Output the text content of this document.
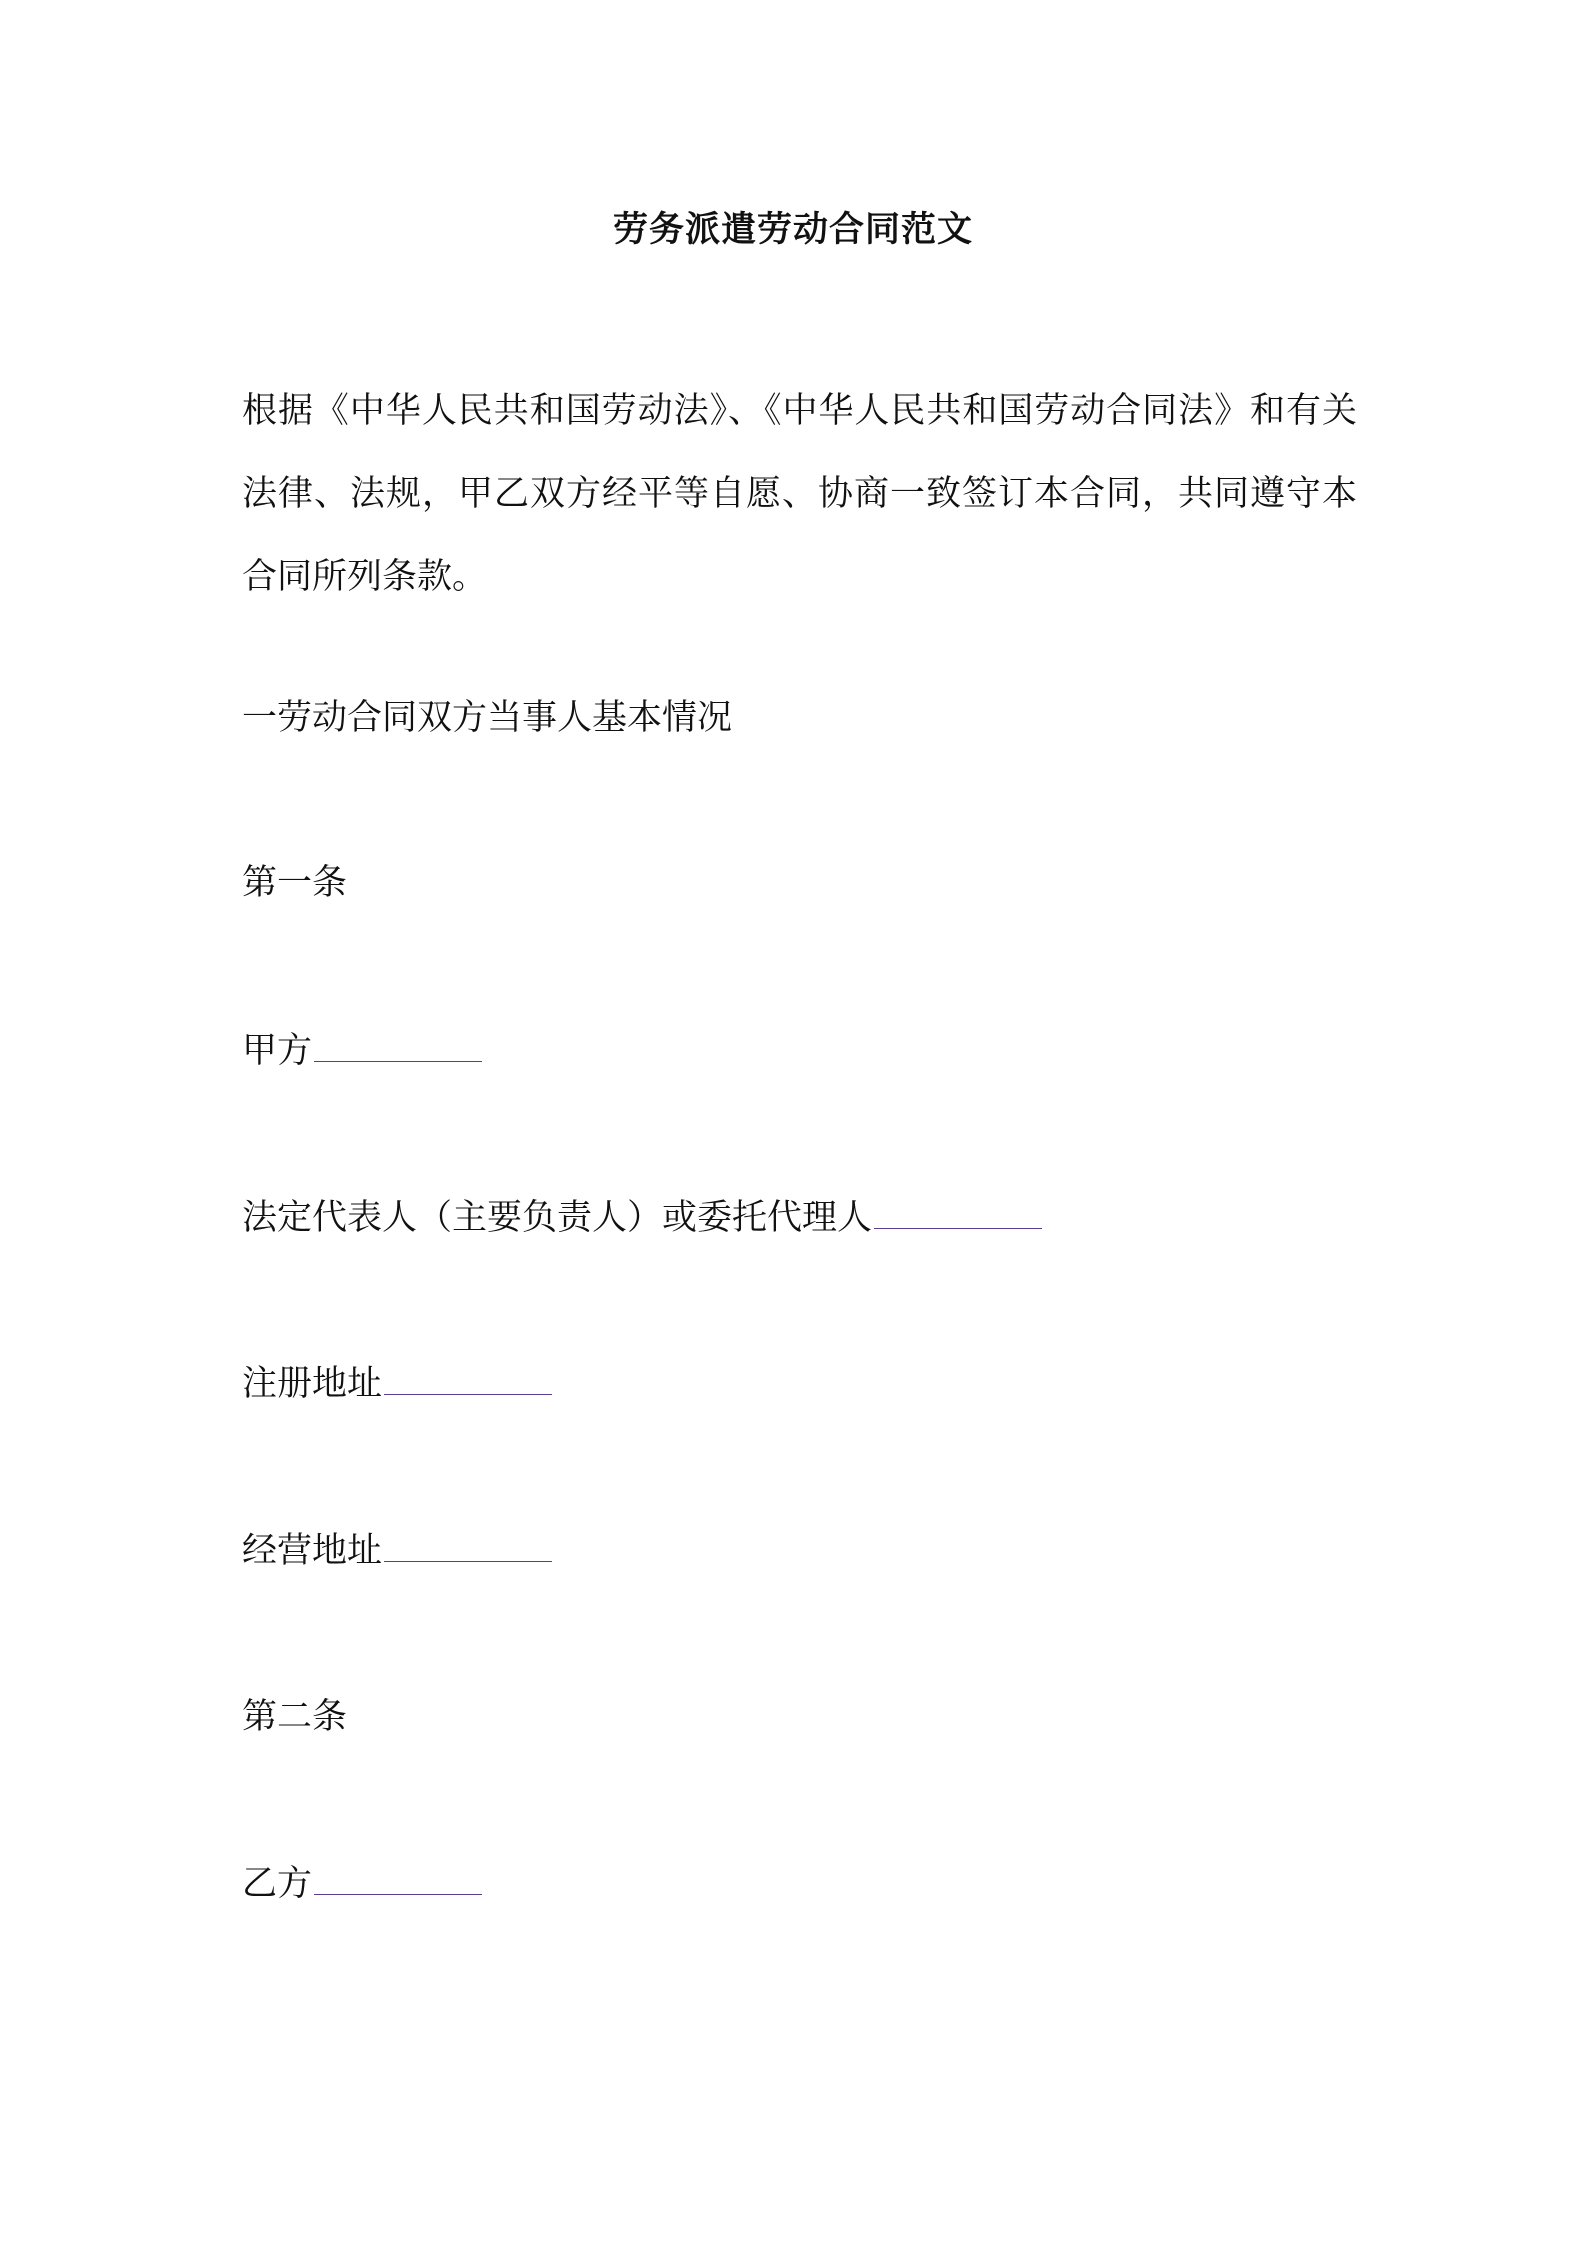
劳务派遣劳动合同范文
根据《中华人民共和国劳动法》、《中华人民共和国劳动合同法》和有关法律、法规，甲乙双方经平等自愿、协商一致签订本合同，共同遵守本合同所列条款。
一劳动合同双方当事人基本情况
第一条
甲方
法定代表人（主要负责人）或委托代理人
注册地址
经营地址
第二条
乙方
